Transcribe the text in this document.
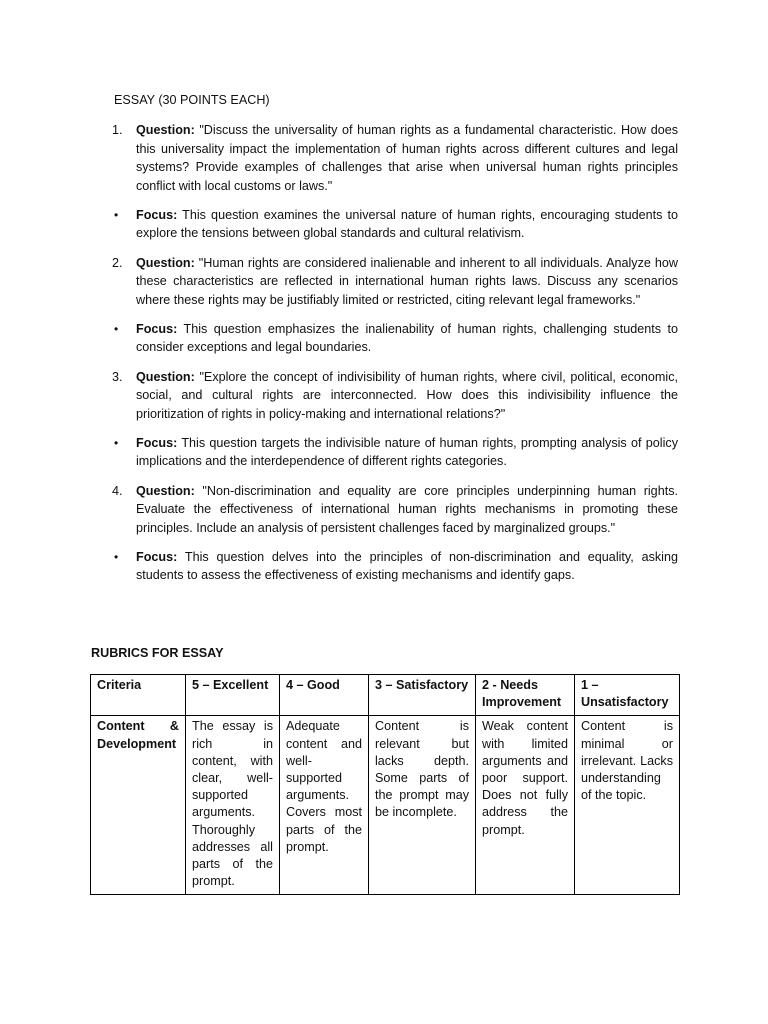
ESSAY (30 POINTS EACH)
1. Question: "Discuss the universality of human rights as a fundamental characteristic. How does this universality impact the implementation of human rights across different cultures and legal systems? Provide examples of challenges that arise when universal human rights principles conflict with local customs or laws."
• Focus: This question examines the universal nature of human rights, encouraging students to explore the tensions between global standards and cultural relativism.
2. Question: "Human rights are considered inalienable and inherent to all individuals. Analyze how these characteristics are reflected in international human rights laws. Discuss any scenarios where these rights may be justifiably limited or restricted, citing relevant legal frameworks."
• Focus: This question emphasizes the inalienability of human rights, challenging students to consider exceptions and legal boundaries.
3. Question: "Explore the concept of indivisibility of human rights, where civil, political, economic, social, and cultural rights are interconnected. How does this indivisibility influence the prioritization of rights in policy-making and international relations?"
• Focus: This question targets the indivisible nature of human rights, prompting analysis of policy implications and the interdependence of different rights categories.
4. Question: "Non-discrimination and equality are core principles underpinning human rights. Evaluate the effectiveness of international human rights mechanisms in promoting these principles. Include an analysis of persistent challenges faced by marginalized groups."
• Focus: This question delves into the principles of non-discrimination and equality, asking students to assess the effectiveness of existing mechanisms and identify gaps.
RUBRICS FOR ESSAY
Criteria	5 – Excellent	4 – Good	3 – Satisfactory	2 - Needs Improvement	1 – Unsatisfactory
Content & Development	The essay is rich in content, with clear, well-supported arguments. Thoroughly addresses all parts of the prompt.	Adequate content and well-supported arguments. Covers most parts of the prompt.	Content is relevant but lacks depth. Some parts of the prompt may be incomplete.	Weak content with limited arguments and poor support. Does not fully address the prompt.	Content is minimal or irrelevant. Lacks understanding of the topic.
